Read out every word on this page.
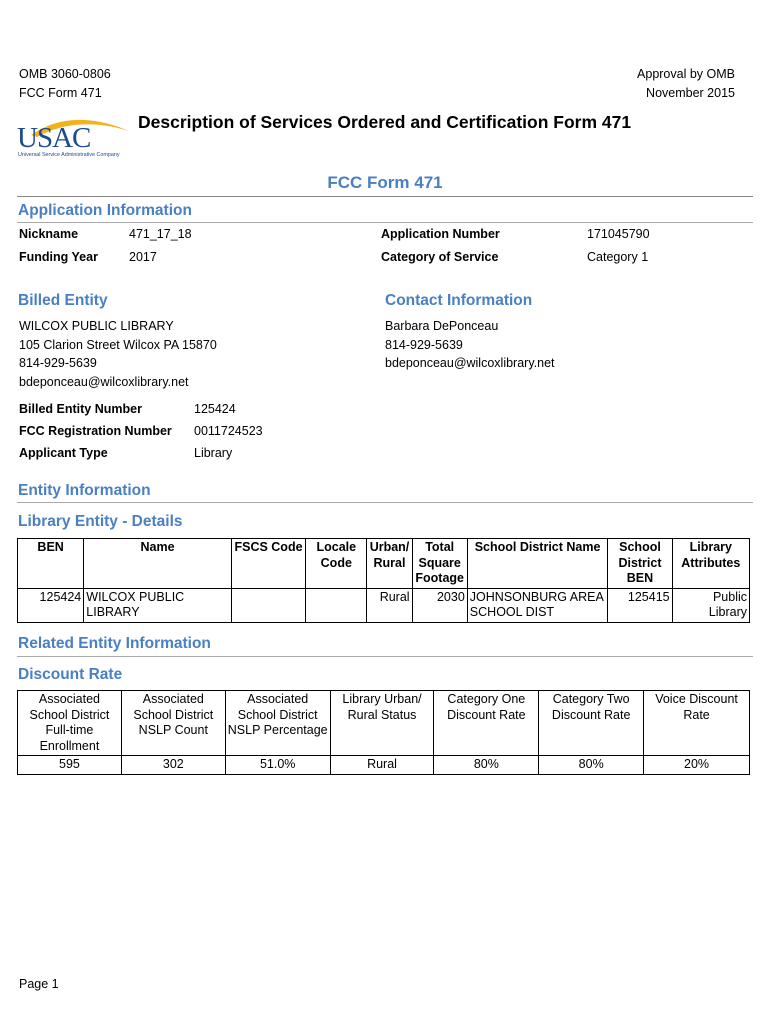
OMB 3060-0806
FCC Form 471
Approval by OMB
November 2015
USAC
Universal Service Administrative Company
Description of Services Ordered and Certification Form 471
FCC Form 471
Application Information
Nickname	471_17_18	Application Number	171045790
Funding Year 2017	Category of Service	Category 1
Billed Entity
WILCOX PUBLIC LIBRARY
105 Clarion Street Wilcox PA 15870
814-929-5639
bdeponceau@wilcoxlibrary.net
Contact Information
Barbara DePonceau
814-929-5639
bdeponceau@wilcoxlibrary.net
Billed Entity Number	125424
FCC Registration Number 0011724523
Applicant Type	Library
Entity Information
Library Entity - Details
BEN	Name	FSCS Code	Locale Code	Urban/ Rural	Total Square Footage	School District Name	School District BEN	Library Attributes
125424	WILCOX PUBLIC LIBRARY			Rural	2030	JOHNSONBURG AREA SCHOOL DIST	125415	Public Library
Related Entity Information
Discount Rate
Associated School District Full-time Enrollment	Associated School District NSLP Count	Associated School District NSLP Percentage	Library Urban/ Rural Status	Category One Discount Rate	Category Two Discount Rate	Voice Discount Rate
595	302	51.0%	Rural	80%	80%	20%
Page 1
